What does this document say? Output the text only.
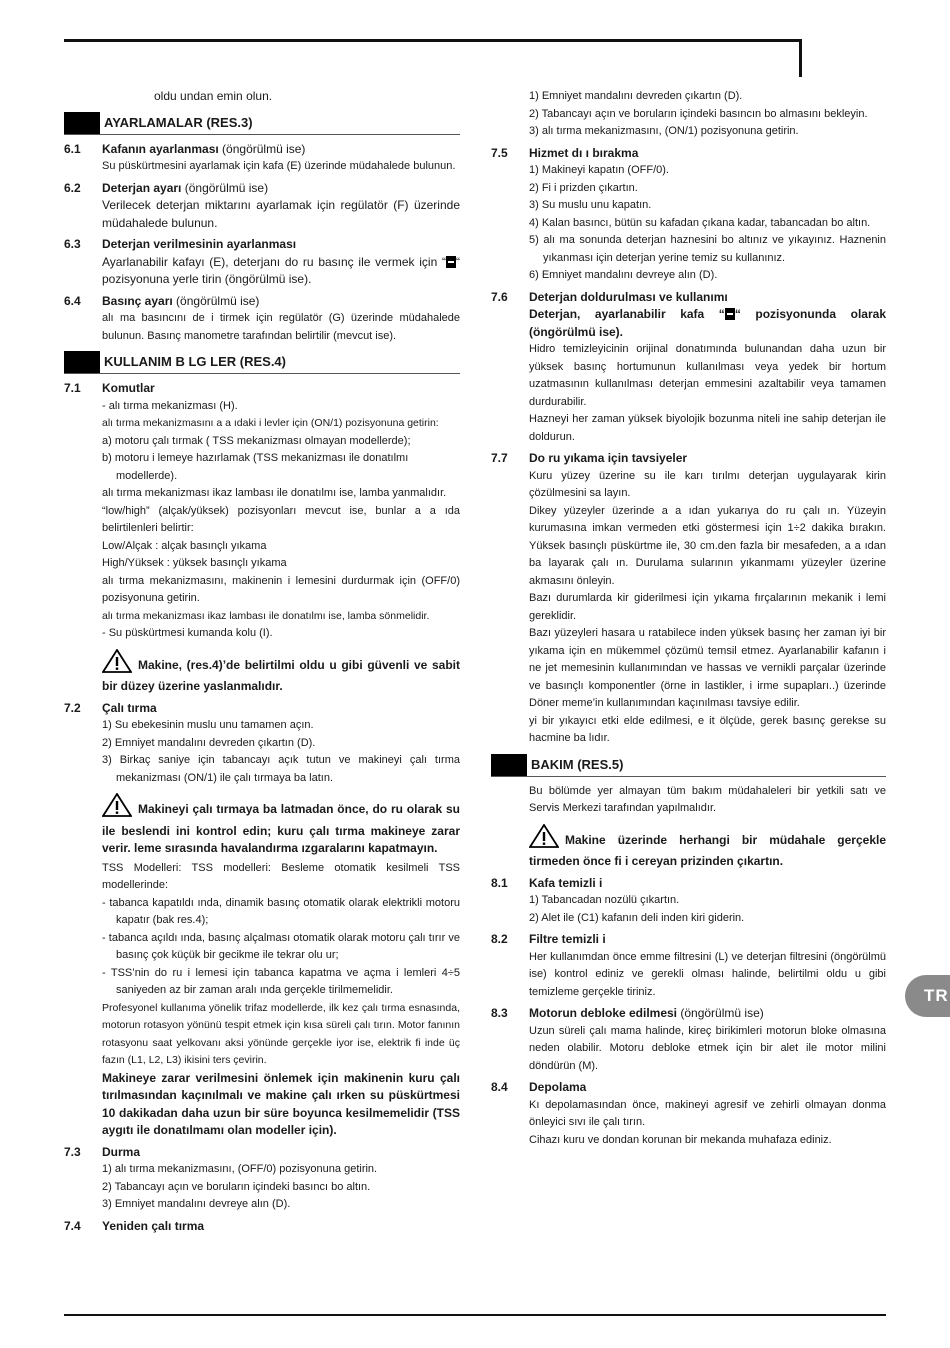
TR

oldu undan emin olun.

AYARLAMALAR (RES.3)
6.1	Kafanın ayarlanması (öngörülmü ise)

Su püskürtmesini ayarlamak için kafa (E) üzerinde müdahalede bulunun.

6.2	Deterjan ayarı (öngörülmü ise)

Verilecek deterjan miktarını ayarlamak için regülatör (F) üzerinde müdahalede bulunun.

6.3	Deterjan verilmesinin ayarlanması

Ayarlanabilir kafayı (E), deterjanı do ru basınç ile vermek için “ “ pozisyonuna yerle tirin (öngörülmü ise).

6.4	Basınç ayarı (öngörülmü ise)

alı ma basıncını de i tirmek için regülatör (G) üzerinde müdahalede bulunun. Basınç manometre tarafından belirtilir (mevcut ise).

KULLANIM B LG LER (RES.4)
7.1	Komutlar

- alı tırma mekanizması (H).

alı tırma mekanizmasını a a ıdaki i levler için (ON/1) pozisyonuna getirin:

a) motoru çalı tırmak ( TSS mekanizması olmayan modellerde);

b) motoru i lemeye hazırlamak (TSS mekanizması ile donatılmı modellerde).

alı tırma mekanizması ikaz lambası ile donatılmı ise, lamba yanmalıdır.

“low/high” (alçak/yüksek) pozisyonları mevcut ise, bunlar a a ıda belirtilenleri belirtir:

Low/Alçak : alçak basınçlı yıkama

High/Yüksek : yüksek basınçlı yıkama

alı tırma mekanizmasını, makinenin i lemesini durdurmak için (OFF/0) pozisyonuna getirin.

alı tırma mekanizması ikaz lambası ile donatılmı ise, lamba sönmelidir.

- Su püskürtmesi kumanda kolu (I).

Makine, (res.4)’de belirtilmi oldu u gibi güvenli ve sabit bir düzey üzerine yaslanmalıdır.
7.2	Çalı tırma

1) Su ebekesinin muslu unu tamamen açın.

2) Emniyet mandalını devreden çıkartın (D).

3) Birkaç saniye için tabancayı açık tutun ve makineyi çalı tırma mekanizması (ON/1) ile çalı tırmaya ba latın.

Makineyi çalı tırmaya ba latmadan önce, do ru olarak su ile beslendi ini kontrol edin; kuru çalı tırma makineye zarar verir. leme sırasında havalandırma ızgaralarını kapatmayın.

TSS Modelleri: TSS modelleri: Besleme otomatik kesilmeli TSS modellerinde:

- tabanca kapatıldı ında, dinamik basınç otomatik olarak elektrikli motoru kapatır (bak res.4);

- tabanca açıldı ında, basınç alçalması otomatik olarak motoru çalı tırır ve basınç çok küçük bir gecikme ile tekrar olu ur;

- TSS’nin do ru i lemesi için tabanca kapatma ve açma i lemleri 4÷5 saniyeden az bir zaman aralı ında gerçekle tirilmemelidir.

Profesyonel kullanıma yönelik trifaz modellerde, ilk kez çalı tırma esnasında, motorun rotasyon yönünü tespit etmek için kısa süreli çalı tırın. Motor fanının rotasyonu saat yelkovanı aksi yönünde gerçekle iyor ise, elektrik fi inde üç fazın (L1, L2, L3) ikisini ters çevirin.

Makineye zarar verilmesini önlemek için makinenin kuru çalı tırılmasından kaçınılmalı ve makine çalı ırken su püskürtmesi 10 dakikadan daha uzun bir süre boyunca kesilmemelidir (TSS aygıtı ile donatılmamı olan modeller için).

7.3	Durma

1) alı tırma mekanizmasını, (OFF/0) pozisyonuna getirin.

2) Tabancayı açın ve boruların içindeki basıncı bo altın.

3) Emniyet mandalını devreye alın (D).

7.4	Yeniden çalı tırma

1) Emniyet mandalını devreden çıkartın (D).

2) Tabancayı açın ve boruların içindeki basıncın bo almasını bekleyin.

3) alı tırma mekanizmasını, (ON/1) pozisyonuna getirin.

7.5	Hizmet dı ı bırakma

1) Makineyi kapatın (OFF/0).

2) Fi i prizden çıkartın.

3) Su muslu unu kapatın.

4) Kalan basıncı, bütün su kafadan çıkana kadar, tabancadan bo altın.

5) alı ma sonunda deterjan haznesini bo altınız ve yıkayınız. Haznenin yıkanması için deterjan yerine temiz su kullanınız.

6) Emniyet mandalını devreye alın (D).

7.6	Deterjan doldurulması ve kullanımı

Deterjan, ayarlanabilir kafa “ “ pozisyonunda olarak (öngörülmü ise).

Hidro temizleyicinin orijinal donatımında bulunandan daha uzun bir yüksek basınç hortumunun kullanılması veya yedek bir hortum uzatmasının kullanılması deterjan emmesini azaltabilir veya tamamen durdurabilir.

Hazneyi her zaman yüksek biyolojik bozunma niteli ine sahip deterjan ile doldurun.

7.7	Do ru yıkama için tavsiyeler

Kuru yüzey üzerine su ile karı tırılmı deterjan uygulayarak kirin çözülmesini sa layın.

Dikey yüzeyler üzerinde a a ıdan yukarıya do ru çalı ın. Yüzeyin kurumasına imkan vermeden etki göstermesi için 1÷2 dakika bırakın. Yüksek basınçlı püskürtme ile, 30 cm.den fazla bir mesafeden, a a ıdan ba layarak çalı ın. Durulama sularının yıkanmamı yüzeyler üzerine akmasını önleyin.

Bazı durumlarda kir giderilmesi için yıkama fırçalarının mekanik i lemi gereklidir.

Bazı yüzeyleri hasara u ratabilece inden yüksek basınç her zaman iyi bir yıkama için en mükemmel çözümü temsil etmez. Ayarlanabilir kafanın i ne jet memesinin kullanımından ve hassas ve vernikli parçalar üzerinde ve basınçlı komponentler (örne in lastikler, i irme supapları..) üzerinde Döner meme’in kullanımından kaçınılması tavsiye edilir.

yi bir yıkayıcı etki elde edilmesi, e it ölçüde, gerek basınç gerekse su hacmine ba lıdır.

BAKIM (RES.5)

Bu bölümde yer almayan tüm bakım müdahaleleri bir yetkili satı ve Servis Merkezi tarafından yapılmalıdır.

Makine üzerinde herhangi bir müdahale gerçekle tirmeden önce fi i cereyan prizinden çıkartın.
8.1	Kafa temizli i

1) Tabancadan nozülü çıkartın.

2) Alet ile (C1) kafanın deli inden kiri giderin.

8.2	Filtre temizli i

Her kullanımdan önce emme filtresini (L) ve deterjan filtresini (öngörülmü ise) kontrol ediniz ve gerekli olması halinde, belirtilmi oldu u gibi temizleme gerçekle tiriniz.

8.3	Motorun debloke edilmesi (öngörülmü ise)

Uzun süreli çalı mama halinde, kireç birikimleri motorun bloke olmasına neden olabilir. Motoru debloke etmek için bir alet ile motor milini döndürün (M).

8.4	Depolama

Kı depolamasından önce, makineyi agresif ve zehirli olmayan donma önleyici sıvı ile çalı tırın.

Cihazı kuru ve dondan korunan bir mekanda muhafaza ediniz.
